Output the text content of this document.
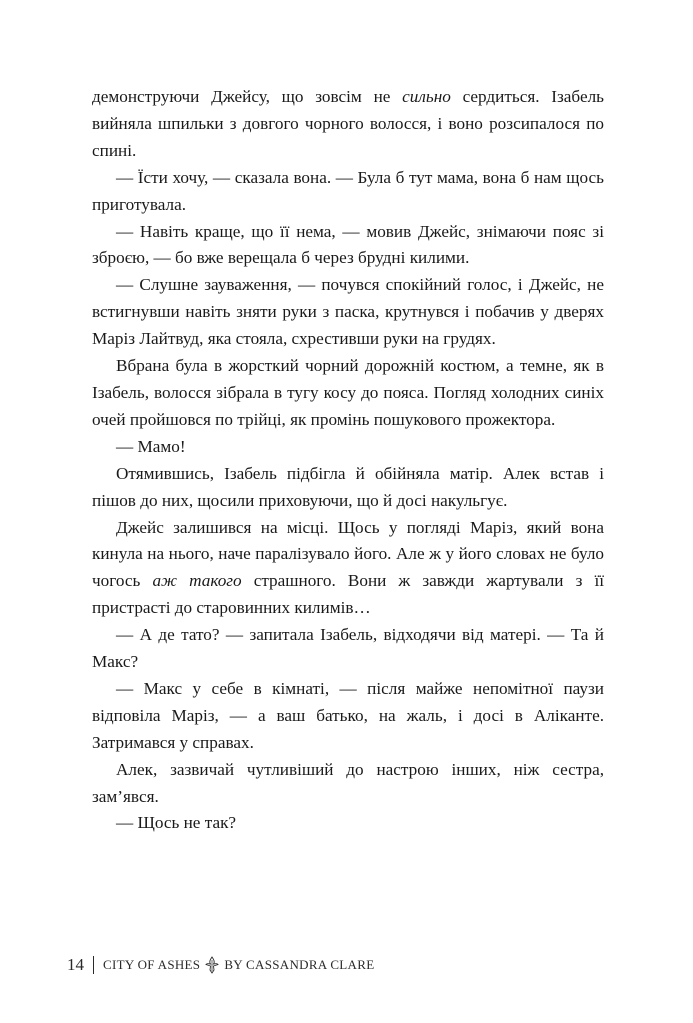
демонструючи Джейсу, що зовсім не сильно сердиться. Ізабель вийняла шпильки з довгого чорного волосся, і воно розсипалося по спині.

— Їсти хочу, — сказала вона. — Була б тут мама, вона б нам щось приготувала.

— Навіть краще, що її нема, — мовив Джейс, знімаючи пояс зі зброєю, — бо вже верещала б через брудні килими.

— Слушне зауваження, — почувся спокійний голос, і Джейс, не встигнувши навіть зняти руки з паска, крутнувся і побачив у дверях Маріз Лайтвуд, яка стояла, схрестивши руки на грудях.

Вбрана була в жорсткий чорний дорожній костюм, а темне, як в Ізабель, волосся зібрала в тугу косу до пояса. Погляд холодних синіх очей пройшовся по трійці, як промінь пошукового прожектора.

— Мамо!

Отямившись, Ізабель підбігла й обійняла матір. Алек встав і пішов до них, щосили приховуючи, що й досі накульгує.

Джейс залишився на місці. Щось у погляді Маріз, який вона кинула на нього, наче паралізувало його. Але ж у його словах не було чогось аж такого страшного. Вони ж завжди жартували з її пристрасті до старовинних килимів…

— А де тато? — запитала Ізабель, відходячи від матері. — Та й Макс?

— Макс у себе в кімнаті, — після майже непомітної паузи відповіла Маріз, — а ваш батько, на жаль, і досі в Аліканте. Затримався у справах.

Алек, зазвичай чутливіший до настрою інших, ніж сестра, зам’явся.

— Щось не так?

14 CITY OF ASHES BY CASSANDRA CLARE
